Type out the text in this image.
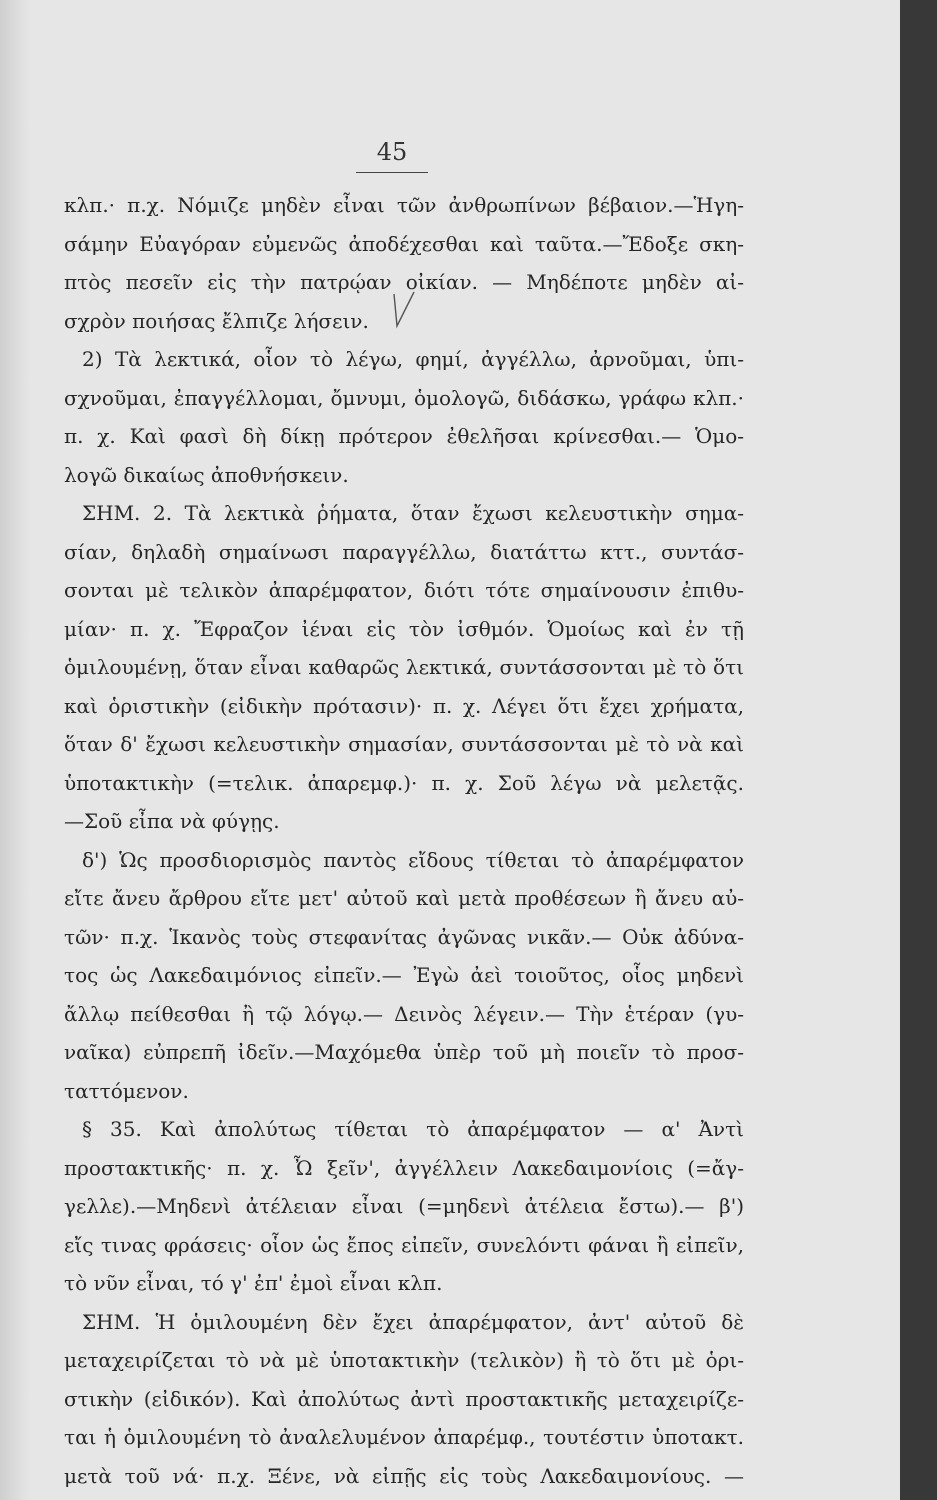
45
κλπ.· π.χ. Νόμιζε μηδὲν εἶναι τῶν ἀνθρωπίνων βέβαιον.—Ἡγη-
σάμην Εὐαγόραν εὐμενῶς ἀποδέχεσθαι καὶ ταῦτα.—Ἔδοξε σκη-
πτὸς πεσεῖν εἰς τὴν πατρῴαν οἰκίαν. — Μηδέποτε μηδὲν αἰ-
σχρὸν ποιήσας ἔλπιζε λήσειν.
2) Τὰ λεκτικά, οἷον τὸ λέγω, φημί, ἀγγέλλω, ἀρνοῦμαι, ὑπι-
σχνοῦμαι, ἐπαγγέλλομαι, ὄμνυμι, ὁμολογῶ, διδάσκω, γράφω κλπ.·
π. χ. Καὶ φασὶ δὴ δίκῃ πρότερον ἐθελῆσαι κρίνεσθαι.— Ὁμο-
λογῶ δικαίως ἀποθνήσκειν.
ΣΗΜ. 2. Τὰ λεκτικὰ ῥήματα, ὅταν ἔχωσι κελευστικὴν σημα-
σίαν, δηλαδὴ σημαίνωσι παραγγέλλω, διατάττω κττ., συντάσ-
σονται μὲ τελικὸν ἀπαρέμφατον, διότι τότε σημαίνουσιν ἐπιθυ-
μίαν· π. χ. Ἔφραζον ἰέναι εἰς τὸν ἰσθμόν. Ὁμοίως καὶ ἐν τῇ
ὁμιλουμένῃ, ὅταν εἶναι καθαρῶς λεκτικά, συντάσσονται μὲ τὸ ὅτι
καὶ ὁριστικὴν (εἰδικὴν πρότασιν)· π. χ. Λέγει ὅτι ἔχει χρήματα,
ὅταν δ' ἔχωσι κελευστικὴν σημασίαν, συντάσσονται μὲ τὸ νὰ καὶ
ὑποτακτικὴν (=τελικ. ἀπαρεμφ.)· π. χ. Σοῦ λέγω νὰ μελετᾷς.
—Σοῦ εἶπα νὰ φύγῃς.
δ') Ὡς προσδιορισμὸς παντὸς εἴδους τίθεται τὸ ἀπαρέμφατον
εἴτε ἄνευ ἄρθρου εἴτε μετ' αὐτοῦ καὶ μετὰ προθέσεων ἢ ἄνευ αὐ-
τῶν· π.χ. Ἱκανὸς τοὺς στεφανίτας ἀγῶνας νικᾶν.— Οὐκ ἀδύνα-
τος ὡς Λακεδαιμόνιος εἰπεῖν.— Ἐγὼ ἀεὶ τοιοῦτος, οἷος μηδενὶ
ἄλλῳ πείθεσθαι ἢ τῷ λόγῳ.— Δεινὸς λέγειν.— Τὴν ἑτέραν (γυ-
ναῖκα) εὐπρεπῆ ἰδεῖν.—Μαχόμεθα ὑπὲρ τοῦ μὴ ποιεῖν τὸ προσ-
ταττόμενον.
§ 35. Καὶ ἀπολύτως τίθεται τὸ ἀπαρέμφατον — α' Ἀντὶ
προστακτικῆς· π. χ. Ὦ ξεῖν', ἀγγέλλειν Λακεδαιμονίοις (=ἄγ-
γελλε).—Μηδενὶ ἀτέλειαν εἶναι (=μηδενὶ ἀτέλεια ἔστω).— β')
εἴς τινας φράσεις· οἷον ὡς ἔπος εἰπεῖν, συνελόντι φάναι ἢ εἰπεῖν,
τὸ νῦν εἶναι, τό γ' ἐπ' ἐμοὶ εἶναι κλπ.
ΣΗΜ. Ἡ ὁμιλουμένη δὲν ἔχει ἀπαρέμφατον, ἀντ' αὐτοῦ δὲ
μεταχειρίζεται τὸ νὰ μὲ ὑποτακτικὴν (τελικὸν) ἢ τὸ ὅτι μὲ ὁρι-
στικὴν (εἰδικόν). Καὶ ἀπολύτως ἀντὶ προστακτικῆς μεταχειρίζε-
ται ἡ ὁμιλουμένη τὸ ἀναλελυμένον ἀπαρέμφ., τουτέστιν ὑποτακτ.
μετὰ τοῦ νά· π.χ. Ξένε, νὰ εἰπῇς εἰς τοὺς Λακεδαιμονίους. —
